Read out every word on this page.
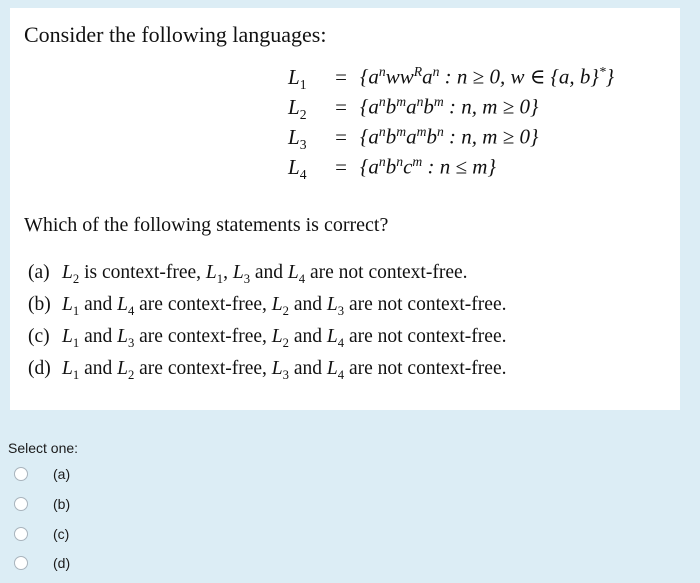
Consider the following languages:

$L_1$	= {$a^nww^Ra^n$ : n ≥ 0, w ∈ {a, b}*}
$L_2$	= {$a^nb^ma^nb^m$ : n, m ≥ 0}
$L_3$	= {$a^nb^ma^mb^n$ : n, m ≥ 0}
$L_4$	= {$a^nb^nc^m$ : n ≤ m}

Which of the following statements is correct?

(a) $L_2$ is context-free, $L_1$, $L_3$ and $L_4$ are not context-free.
(b) $L_1$ and $L_4$ are context-free, $L_2$ and $L_3$ are not context-free.
(c) $L_1$ and $L_3$ are context-free, $L_2$ and $L_4$ are not context-free.
(d) $L_1$ and $L_2$ are context-free, $L_3$ and $L_4$ are not context-free.
Select one:
(a)
(b)
(c)
(d)
